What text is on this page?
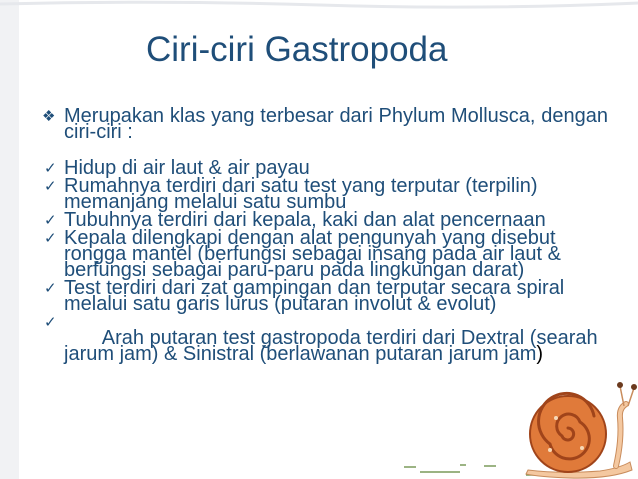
Ciri-ciri Gastropoda

❖ Merupakan klas yang terbesar dari Phylum Mollusca, dengan ciri-ciri :

✓ Hidup di air laut & air payau

✓ Rumahnya terdiri dari satu test yang terputar (terpilin) memanjang melalui satu sumbu

✓ Tubuhnya terdiri dari kepala, kaki dan alat pencernaan

✓ Kepala dilengkapi dengan alat pengunyah yang disebut rongga mantel (berfungsi sebagai insang pada air laut & berfungsi sebagai paru-paru pada lingkungan darat)

✓ Test terdiri dari zat gampingan dan terputar secara spiral melalui satu garis lurus (putaran involut & evolut)

✓
Arah putaran test gastropoda terdiri dari Dextral (searah jarum jam) & Sinistral (berlawanan putaran jarum jam)
